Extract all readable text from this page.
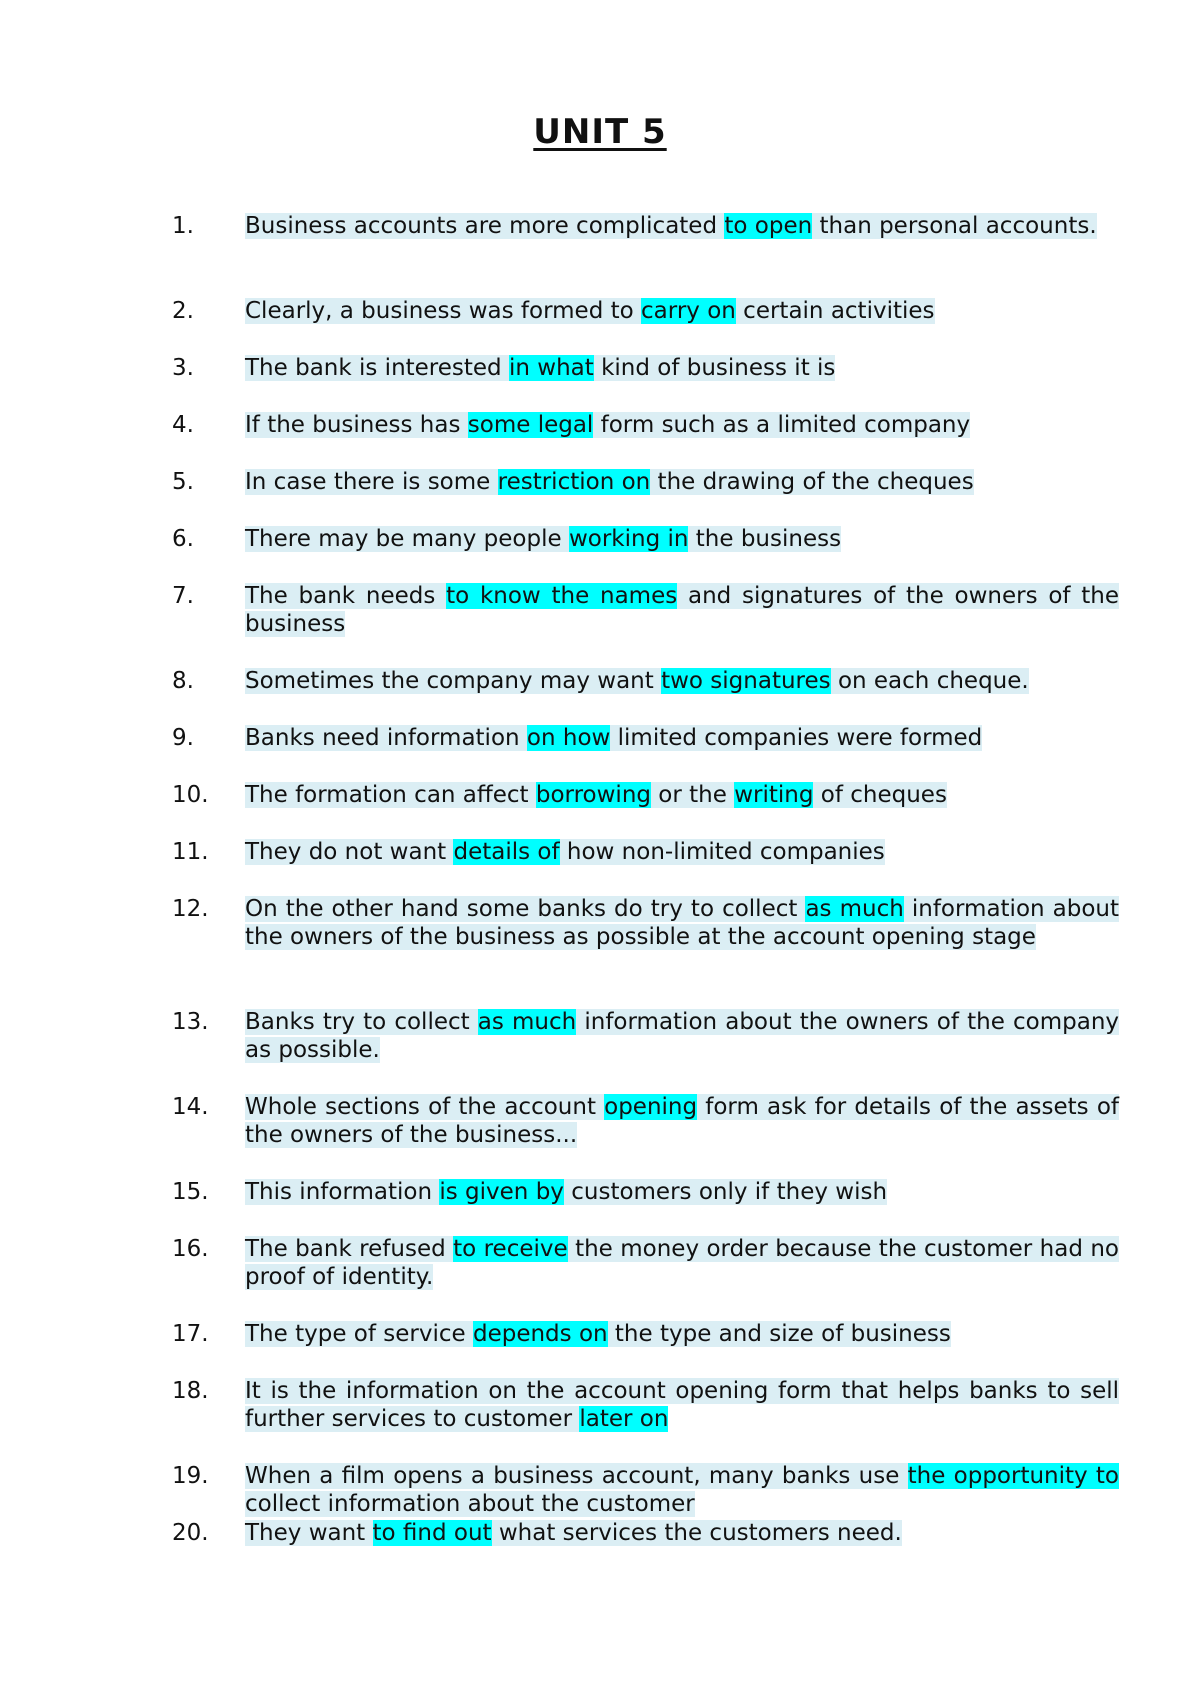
UNIT 5
1. Business accounts are more complicated to open than personal accounts.
2. Clearly, a business was formed to carry on certain activities
3. The bank is interested in what kind of business it is
4. If the business has some legal form such as a limited company
5. In case there is some restriction on the drawing of the cheques
6. There may be many people working in the business
7. The bank needs to know the names and signatures of the owners of the business
8. Sometimes the company may want two signatures on each cheque.
9. Banks need information on how limited companies were formed
10. The formation can affect borrowing or the writing of cheques
11. They do not want details of how non-limited companies
12. On the other hand some banks do try to collect as much information about the owners of the business as possible at the account opening stage
13. Banks try to collect as much information about the owners of the company as possible.
14. Whole sections of the account opening form ask for details of the assets of the owners of the business...
15. This information is given by customers only if they wish
16. The bank refused to receive the money order because the customer had no proof of identity.
17. The type of service depends on the type and size of business
18. It is the information on the account opening form that helps banks to sell further services to customer later on
19. When a film opens a business account, many banks use the opportunity to collect information about the customer
20. They want to find out what services the customers need.
